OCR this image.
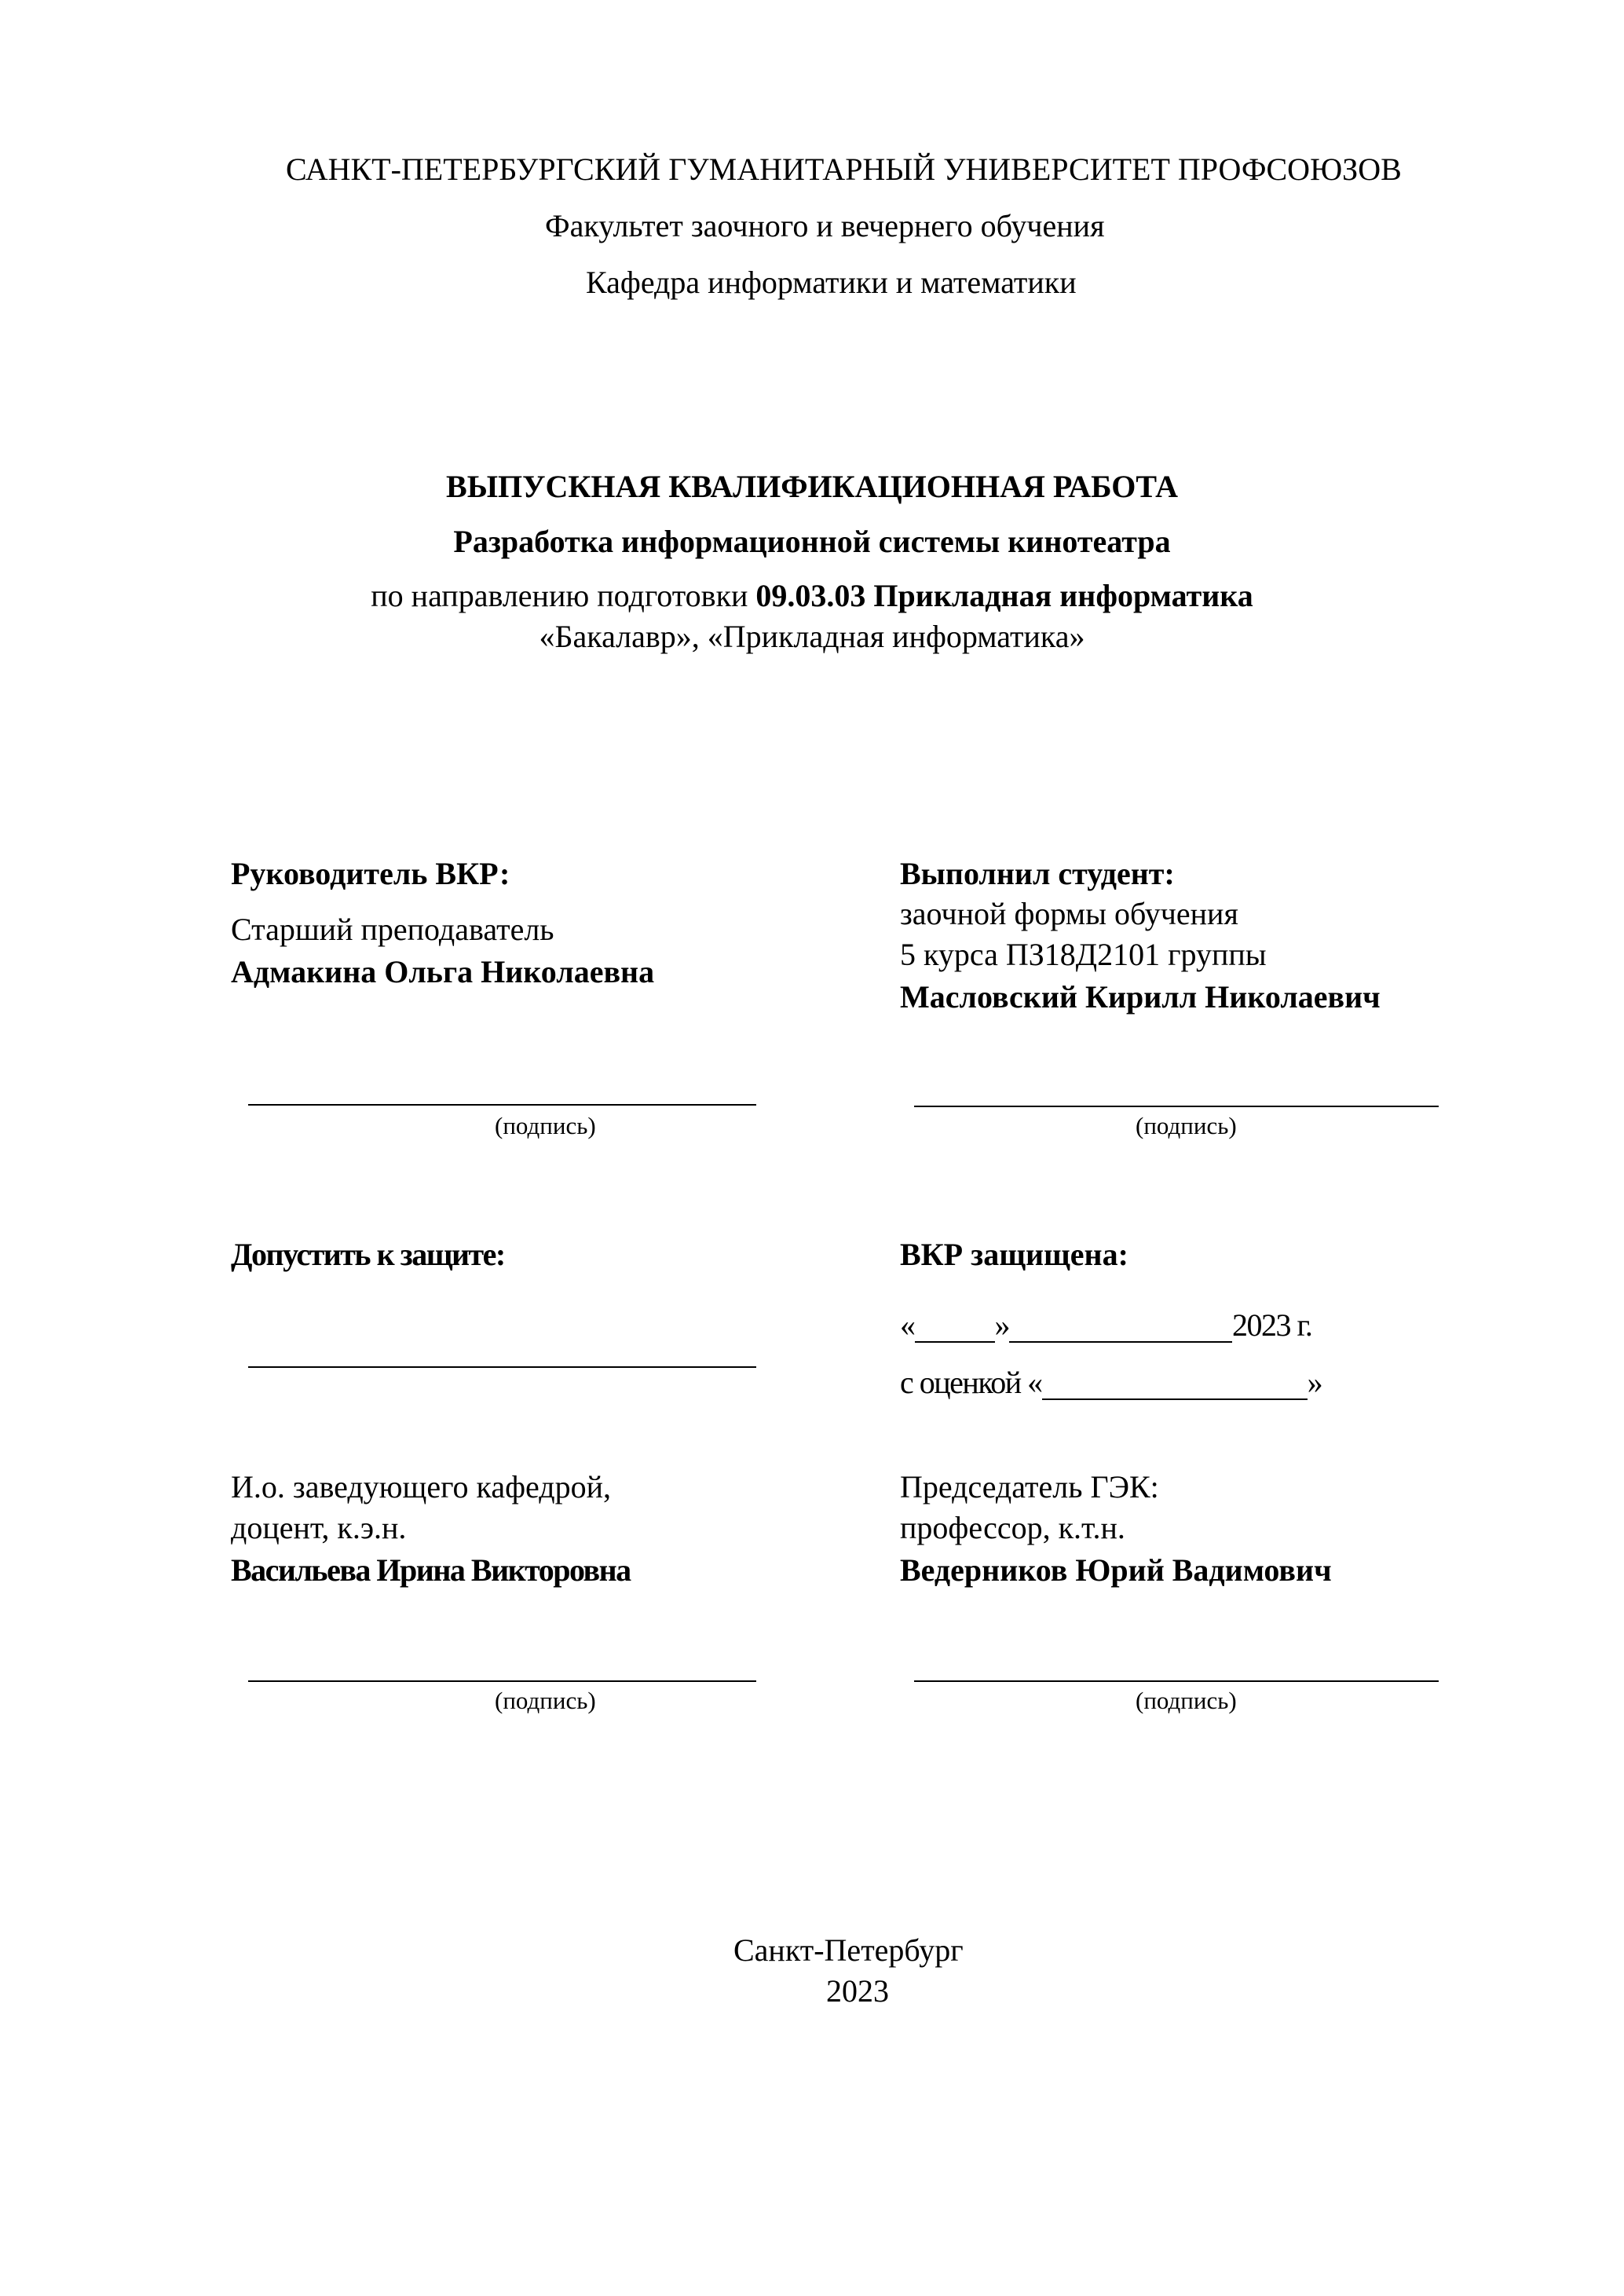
САНКТ-ПЕТЕРБУРГСКИЙ ГУМАНИТАРНЫЙ УНИВЕРСИТЕТ ПРОФСОЮЗОВ
Факультет заочного и вечернего обучения
Кафедра информатики и математики
ВЫПУСКНАЯ КВАЛИФИКАЦИОННАЯ РАБОТА
Разработка информационной системы кинотеатра
по направлению подготовки 09.03.03 Прикладная информатика
«Бакалавр», «Прикладная информатика»
Руководитель ВКР:
Старший преподаватель
Адмакина Ольга Николаевна
(подпись)
Выполнил студент:
заочной формы обучения
5 курса ПЗ18Д2101 группы
Масловский Кирилл Николаевич
(подпись)
Допустить к защите:	ВКР защищена:
«	»	2023 г.
с оценкой «	»
И.о. заведующего кафедрой,
доцент, к.э.н.
Васильева Ирина Викторовна
(подпись)
Председатель ГЭК:
профессор, к.т.н.
Ведерников Юрий Вадимович
(подпись)
Санкт-Петербург
2023
